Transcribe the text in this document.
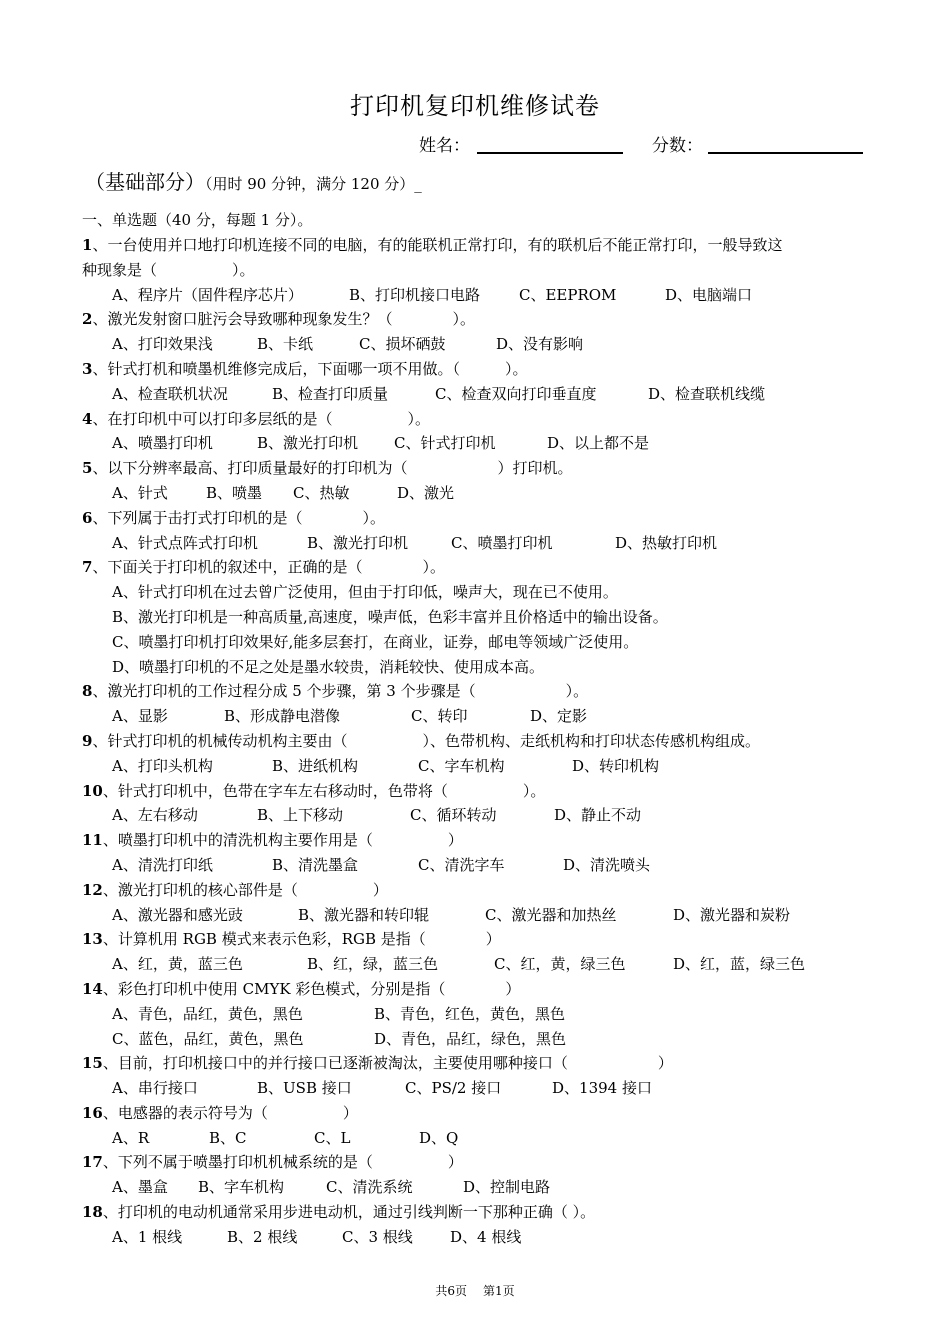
打印机复印机维修试卷
姓名：	分数：
（基础部分）（用时 90 分钟，满分 120 分）_
一、单选题（40 分，每题 1 分）。
1、一台使用并口地打印机连接不同的电脑，有的能联机正常打印，有的联机后不能正常打印，一般导致这
种现象是（　　　　　）。
A、程序片（固件程序芯片）	B、打印机接口电路	C、EEPROM	D、电脑端口
2、激光发射窗口脏污会导致哪种现象发生？（　　　　）。
A、打印效果浅	B、卡纸	C、损坏硒鼓	D、没有影响
3、针式打机和喷墨机维修完成后，下面哪一项不用做。（　　　）。
A、检查联机状况	B、检查打印质量	C、检查双向打印垂直度	D、检查联机线缆
4、在打印机中可以打印多层纸的是（　　　　　）。
A、喷墨打印机	B、激光打印机 C、针式打印机	D、以上都不是
5、以下分辨率最高、打印质量最好的打印机为（　　　　　　）打印机。
A、针式	B、喷墨 C、热敏	D、激光
6、下列属于击打式打印机的是（　　　　）。
A、针式点阵式打印机	B、激光打印机	C、喷墨打印机	D、热敏打印机
7、下面关于打印机的叙述中，正确的是（　　　　）。
A、针式打印机在过去曾广泛使用，但由于打印低，噪声大，现在已不使用。
B、激光打印机是一种高质量,高速度，噪声低，色彩丰富并且价格适中的输出设备。
C、喷墨打印机打印效果好,能多层套打，在商业，证券，邮电等领域广泛使用。
D、喷墨打印机的不足之处是墨水较贵，消耗较快、使用成本高。
8、激光打印机的工作过程分成 5 个步骤，第 3 个步骤是（　　　　　　）。
A、显影	B、形成静电潜像	C、转印	D、定影
9、针式打印机的机械传动机构主要由（　　　　　）、色带机构、走纸机构和打印状态传感机构组成。
A、打印头机构	B、进纸机构	C、字车机构	D、转印机构
10、针式打印机中，色带在字车左右移动时，色带将（　　　　　）。
A、左右移动	B、上下移动	C、循环转动	D、静止不动
11、喷墨打印机中的清洗机构主要作用是（　　　　　）
A、清洗打印纸	B、清洗墨盒	C、清洗字车	D、清洗喷头
12、激光打印机的核心部件是（　　　　　）
A、激光器和感光豉	B、激光器和转印辊	C、激光器和加热丝	D、激光器和炭粉
13、计算机用 RGB 模式来表示色彩，RGB 是指（　　　　）
A、红，黄，蓝三色	B、红，绿，蓝三色	C、红，黄，绿三色	D、红，蓝，绿三色
14、彩色打印机中使用 CMYK 彩色模式，分别是指（　　　　）
A、青色，品红，黄色，黑色	B、青色，红色，黄色，黑色
C、蓝色，品红，黄色，黑色	D、青色，品红，绿色，黑色
15、目前，打印机接口中的并行接口已逐渐被淘汰，主要使用哪种接口（　　　　　　）
A、串行接口	B、USB 接口	C、PS/2 接口	D、1394 接口
16、电感器的表示符号为（　　　　　）
A、R	B、C	C、L	D、Q
17、下列不属于喷墨打印机机械系统的是（　　　　　）
A、墨盒 B、字车机构	C、清洗系统	D、控制电路
18、打印机的电动机通常采用步进电动机，通过引线判断一下那种正确（ ）。
A、1 根线	B、2 根线	C、3 根线 D、4 根线
共6页 第1页
